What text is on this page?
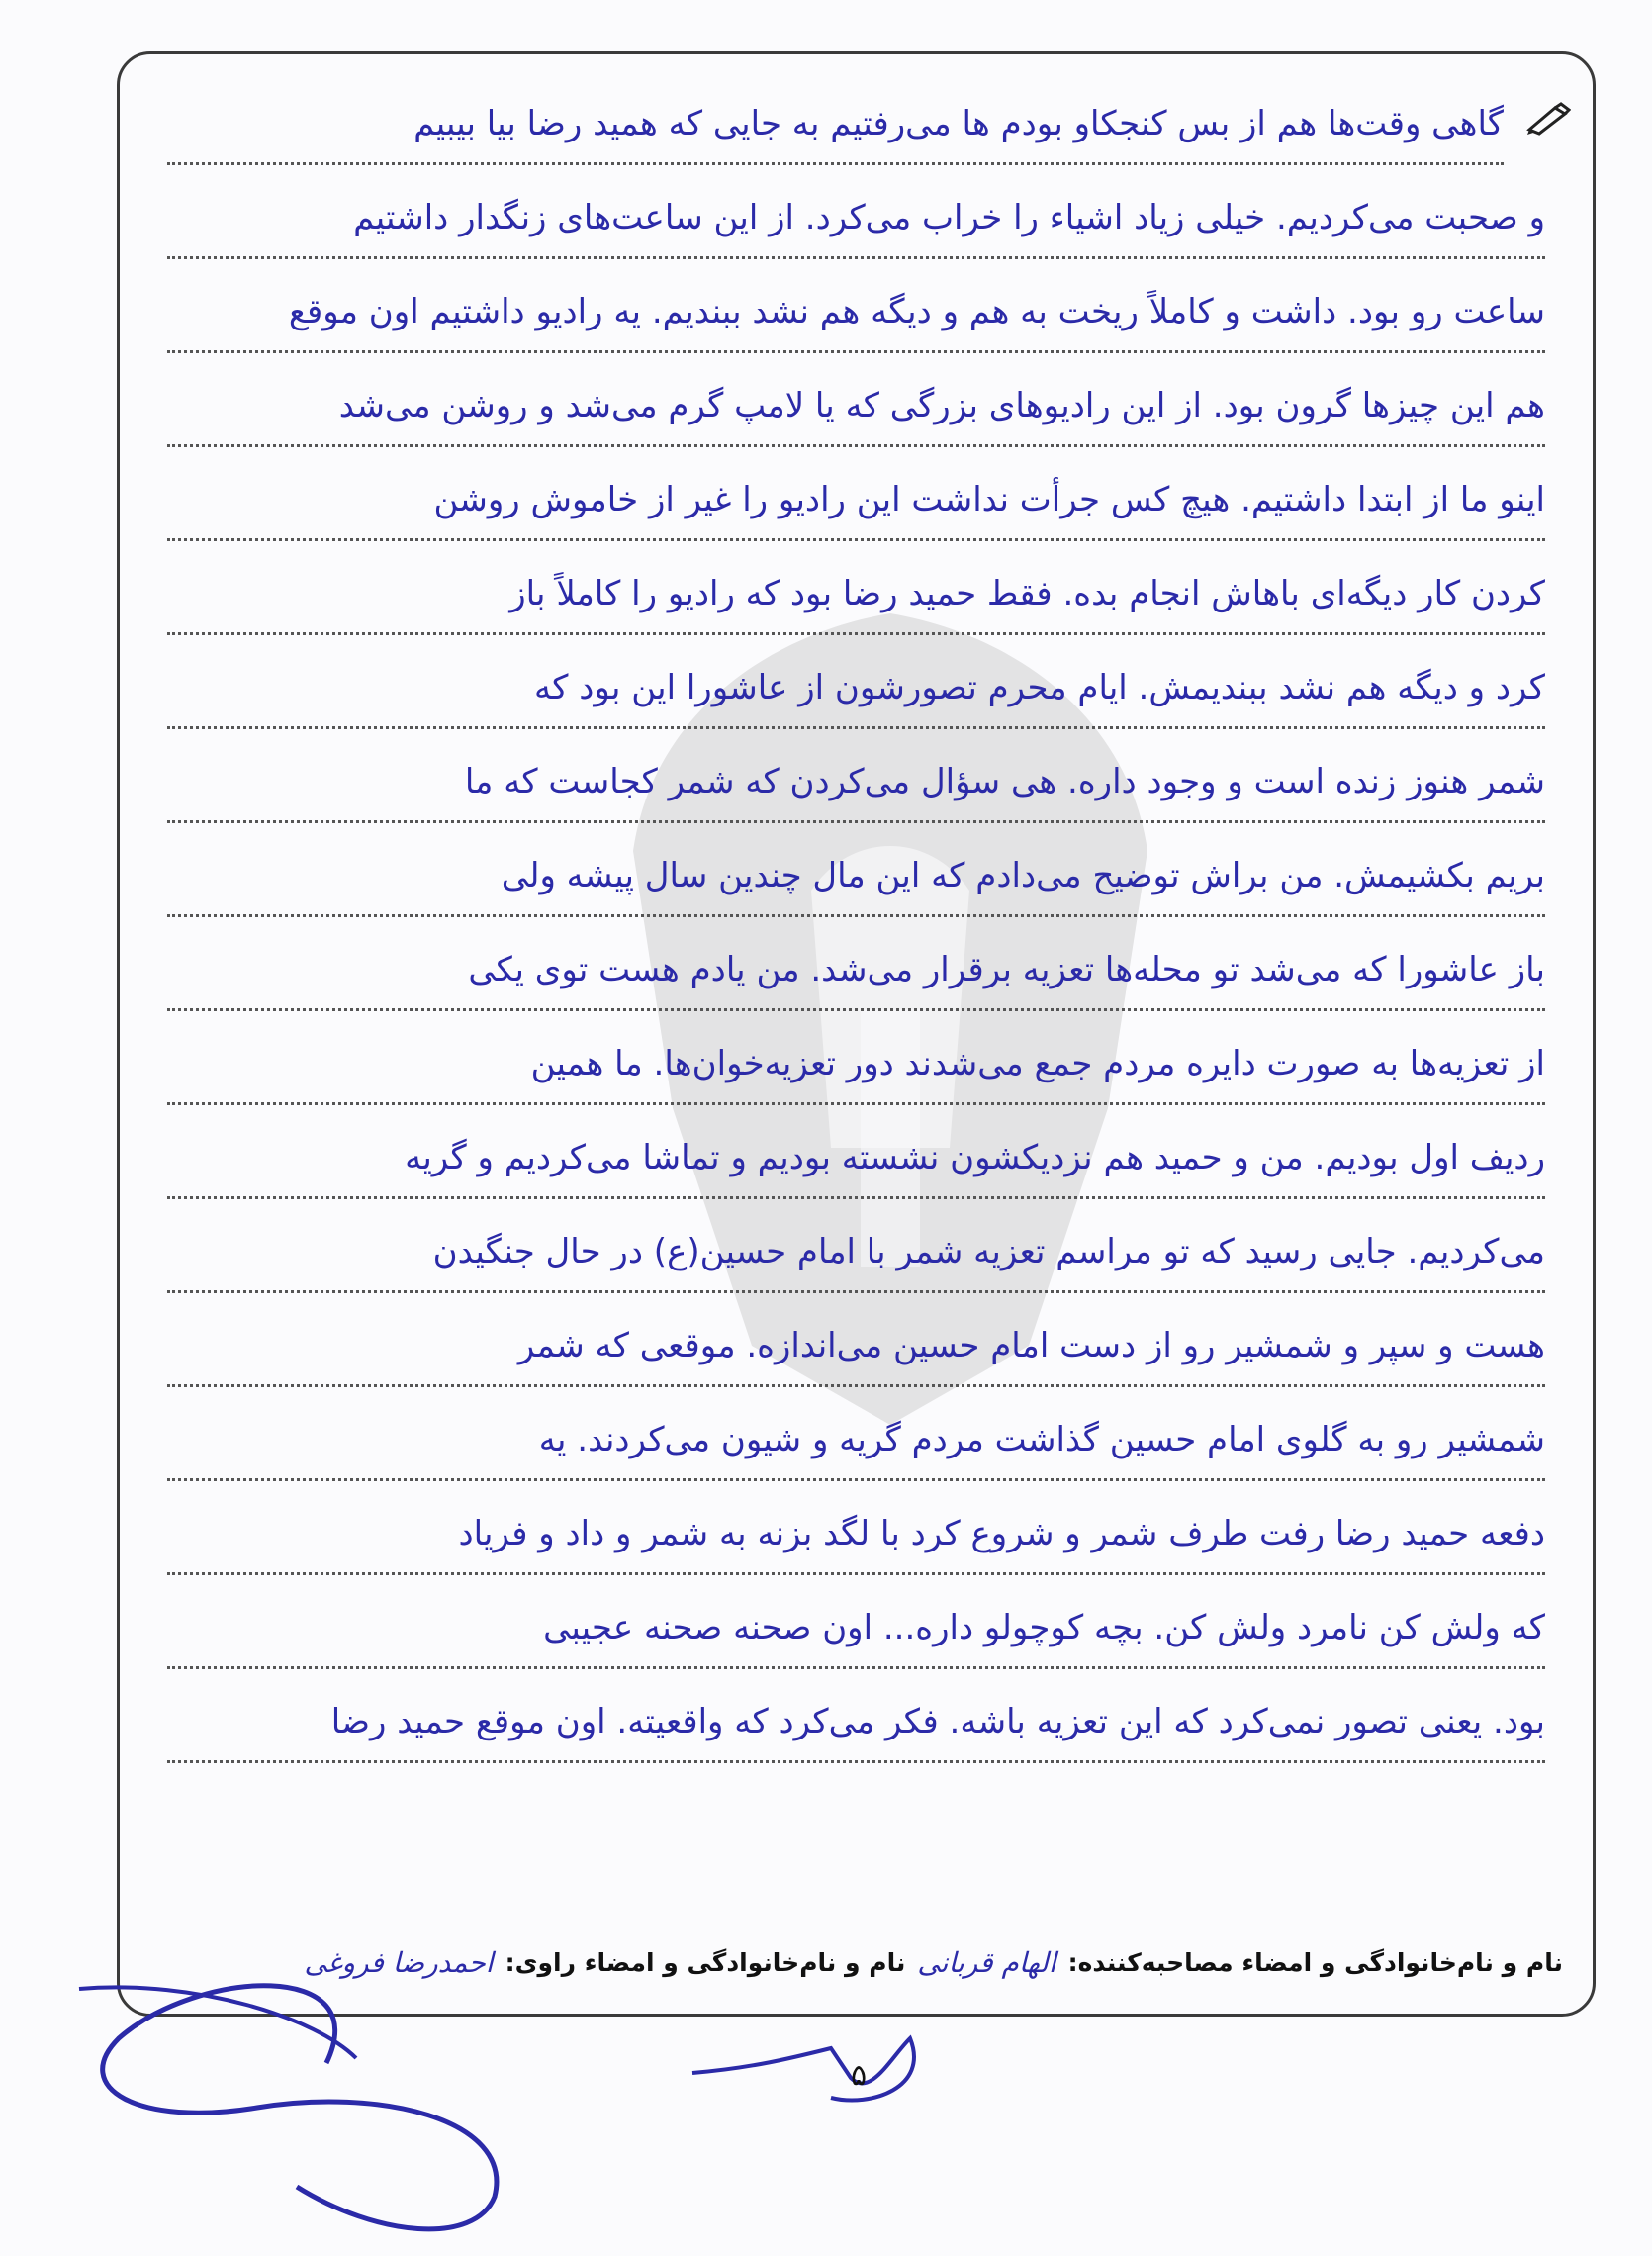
گاهی وقت‌ها هم از بس کنجکاو بودم ها می‌رفتیم به جایی که همید رضا بیا بیبیم
و صحبت می‌کردیم. خیلی زیاد اشیاء را خراب می‌کرد. از این ساعت‌های زنگدار داشتیم
ساعت رو بود. داشت و کاملاً ریخت به هم و دیگه هم نشد ببندیم. یه رادیو داشتیم اون موقع
هم این چیزها گرون بود. از این رادیوهای بزرگی که یا لامپ گرم می‌شد و روشن می‌شد
اینو ما از ابتدا داشتیم. هیچ کس جرأت نداشت این رادیو را غیر از خاموش روشن
کردن کار دیگه‌ای باهاش انجام بده. فقط حمید رضا بود که رادیو را کاملاً باز
کرد و دیگه هم نشد ببندیمش. ایام محرم تصورشون از عاشورا این بود که
شمر هنوز زنده است و وجود داره. هی سؤال می‌کردن که شمر کجاست که ما
بریم بکشیمش. من براش توضیح می‌دادم که این مال چندین سال پیشه ولی
باز عاشورا که می‌شد تو محله‌ها تعزیه برقرار می‌شد. من یادم هست توی یکی
از تعزیه‌ها به صورت دایره مردم جمع می‌شدند دور تعزیه‌خوان‌ها. ما همین
ردیف اول بودیم. من و حمید هم نزدیکشون نشسته بودیم و تماشا می‌کردیم و گریه
می‌کردیم. جایی رسید که تو مراسم تعزیه شمر با امام حسین(ع) در حال جنگیدن
هست و سپر و شمشیر رو از دست امام حسین می‌اندازه. موقعی که شمر
شمشیر رو به گلوی امام حسین گذاشت مردم گریه و شیون می‌کردند. یه
دفعه حمید رضا رفت طرف شمر و شروع کرد با لگد بزنه به شمر و داد و فریاد
که ولش کن نامرد ولش کن. بچه کوچولو داره... اون صحنه صحنه عجیبی
بود. یعنی تصور نمی‌کرد که این تعزیه باشه. فکر می‌کرد که واقعیته. اون موقع حمید رضا
نام و نام‌خانوادگی و امضاء مصاحبه‌کننده:
الهام قربانی
نام و نام‌خانوادگی و امضاء راوی:
احمدرضا فروغی
۵
